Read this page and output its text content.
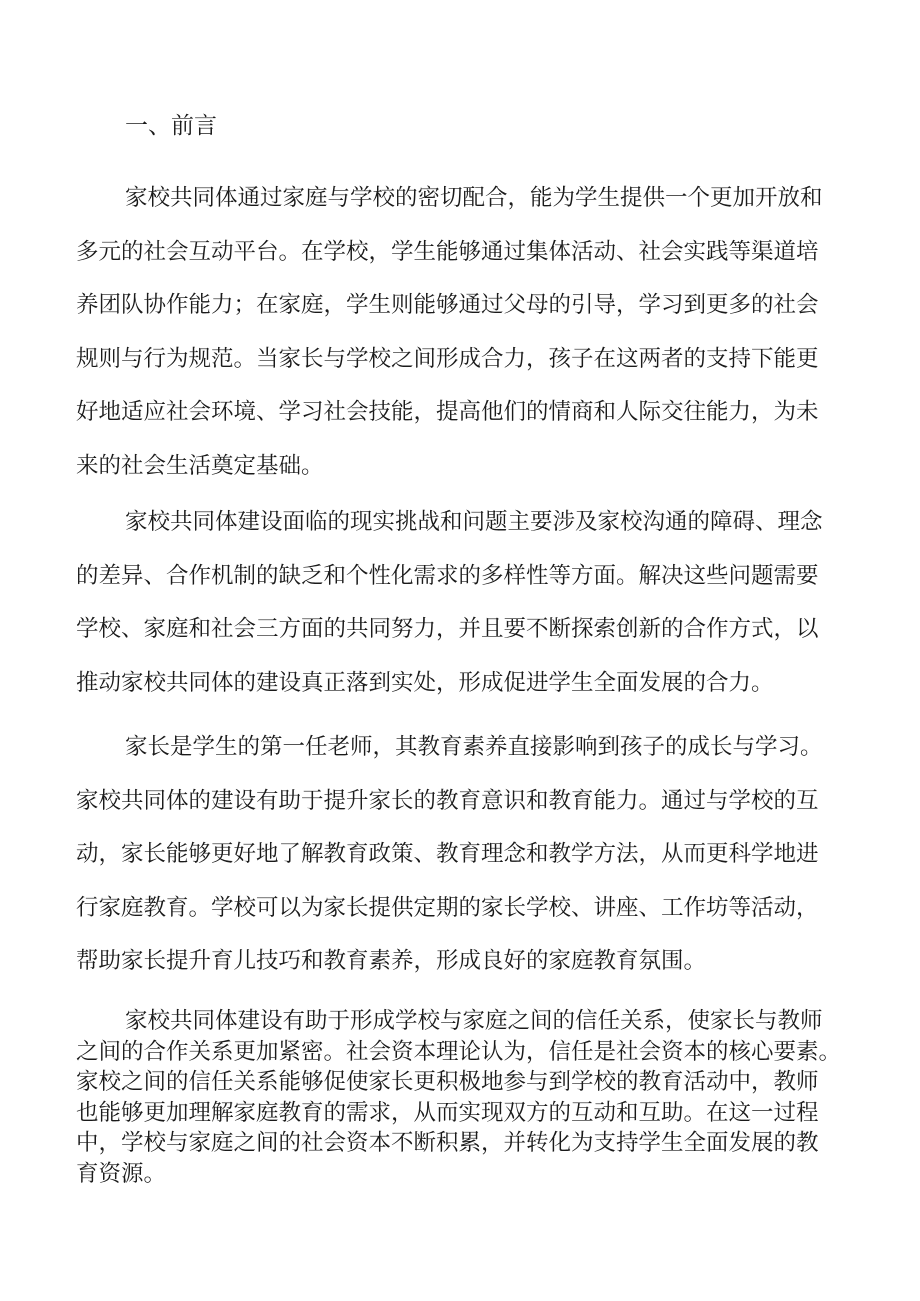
一、前言
家校共同体通过家庭与学校的密切配合，能为学生提供一个更加开放和
多元的社会互动平台。在学校，学生能够通过集体活动、社会实践等渠道培
养团队协作能力；在家庭，学生则能够通过父母的引导，学习到更多的社会
规则与行为规范。当家长与学校之间形成合力，孩子在这两者的支持下能更
好地适应社会环境、学习社会技能，提高他们的情商和人际交往能力，为未
来的社会生活奠定基础。
家校共同体建设面临的现实挑战和问题主要涉及家校沟通的障碍、理念
的差异、合作机制的缺乏和个性化需求的多样性等方面。解决这些问题需要
学校、家庭和社会三方面的共同努力，并且要不断探索创新的合作方式，以
推动家校共同体的建设真正落到实处，形成促进学生全面发展的合力。
家长是学生的第一任老师，其教育素养直接影响到孩子的成长与学习。
家校共同体的建设有助于提升家长的教育意识和教育能力。通过与学校的互
动，家长能够更好地了解教育政策、教育理念和教学方法，从而更科学地进
行家庭教育。学校可以为家长提供定期的家长学校、讲座、工作坊等活动，
帮助家长提升育儿技巧和教育素养，形成良好的家庭教育氛围。
家校共同体建设有助于形成学校与家庭之间的信任关系，使家长与教师
之间的合作关系更加紧密。社会资本理论认为，信任是社会资本的核心要素。
家校之间的信任关系能够促使家长更积极地参与到学校的教育活动中，教师
也能够更加理解家庭教育的需求，从而实现双方的互动和互助。在这一过程
中，学校与家庭之间的社会资本不断积累，并转化为支持学生全面发展的教
育资源。
